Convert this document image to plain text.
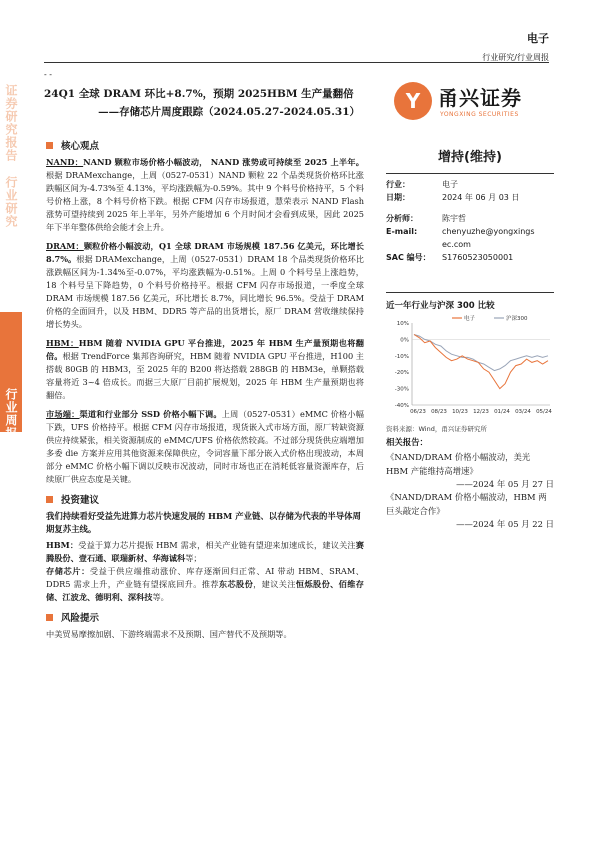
证券研究报告
行业研究
行业周报
电子
行业研究/行业周报
- -
24Q1 全球 DRAM 环比+8.7%，预期 2025HBM 生产量翻倍
——存储芯片周度跟踪（2024.05.27-2024.05.31）	Y 甬兴证券
YONGXING SECURITIES
核心观点

NAND：NAND 颗粒市场价格小幅波动， NAND 涨势或可持续至 2025 上半年。根据 DRAMexchange，上周（0527-0531）NAND 颗粒 22 个品类现货价格环比涨跌幅区间为-4.73%至 4.13%，平均涨跌幅为-0.59%。其中 9 个料号价格持平，5 个料号价格上涨，8 个料号价格下跌。根据 CFM 闪存市场报道，慧荣表示 NAND Flash 涨势可望持续到 2025 年上半年，另外产能增加 6 个月时间才会看到成果，因此 2025 年下半年整体供给会能才会上升。

DRAM：颗粒价格小幅波动，Q1 全球 DRAM 市场规模 187.56 亿美元，环比增长 8.7%。根据 DRAMexchange，上周（0527-0531）DRAM 18 个品类现货价格环比涨跌幅区间为-1.34%至-0.07%，平均涨跌幅为-0.51%。上周 0 个料号呈上涨趋势，18 个料号呈下降趋势，0 个料号价格持平。根据 CFM 闪存市场报道，一季度全球 DRAM 市场规模 187.56 亿美元，环比增长 8.7%，同比增长 96.5%。受益于 DRAM 价格的全面回升，以及 HBM、DDR5 等产品的出货增长，原厂 DRAM 营收继续保持增长势头。

HBM：HBM 随着 NVIDIA GPU 平台推进，2025 年 HBM 生产量预期也将翻倍。根据 TrendForce 集邦咨询研究，HBM 随着 NVIDIA GPU 平台推进，H100 主搭载 80GB 的 HBM3，至 2025 年的 B200 将达搭载 288GB 的 HBM3e，单颗搭载容量将近 3~4 倍成长。而据三大原厂目前扩展规划，2025 年 HBM 生产量预期也将翻倍。

市场端：渠道和行业部分 SSD 价格小幅下调。上周（0527-0531）eMMC 价格小幅下跌，UFS 价格持平。根据 CFM 闪存市场报道，现货嵌入式市场方面，原厂转缺资源供应持续紧张，相关资源制成的 eMMC/UFS 价格依然较高。不过部分现货供应端增加多委 die 方案并应用其他资源来保障供应，令词容量下部分嵌入式价格出现波动，本周部分 eMMC 价格小幅下调以反映市况波动，同时市场也正在消耗低容量资源库存，后续原厂供应态度是关键。

投资建议

我们持续看好受益先进算力芯片快速发展的 HBM 产业链、以存储为代表的半导体周期复苏主线。

HBM：受益于算力芯片提振 HBM 需求，相关产业链有望迎来加速成长，建议关注赛腾股份、壹石通、联瑞新材、华海诚科等；
存储芯片：受益于供应端推动涨价、库存逐渐回归正常、AI 带动 HBM、SRAM、DDR5 需求上升，产业链有望探底回升。推荐东芯股份，建议关注恒烁股份、佰维存储、江波龙、德明利、深科技等。

风险提示

中美贸易摩擦加剧、下游终端需求不及预期、国产替代不及预期等。

增持(维持)
行业：	电子
日期：	2024 年 06 月 03 日
分析师：	陈宇哲
E-mail:	chenyuzhe@yongxings
ec.com
SAC 编号：	S1760523050001
近一年行业与沪深 300 比较
10%
0%
-10%
-20%
-30%
-40%
06/23 08/23 10/23 12/23 01/24 03/24 05/24
电子	沪深300
资料来源：Wind，甬兴证券研究所
相关报告：
《NAND/DRAM 价格小幅波动，美光 HBM 产能维持高增速》
——2024 年 05 月 27 日
《NAND/DRAM 价格小幅波动，HBM 两巨头敲定合作》
——2024 年 05 月 22 日
